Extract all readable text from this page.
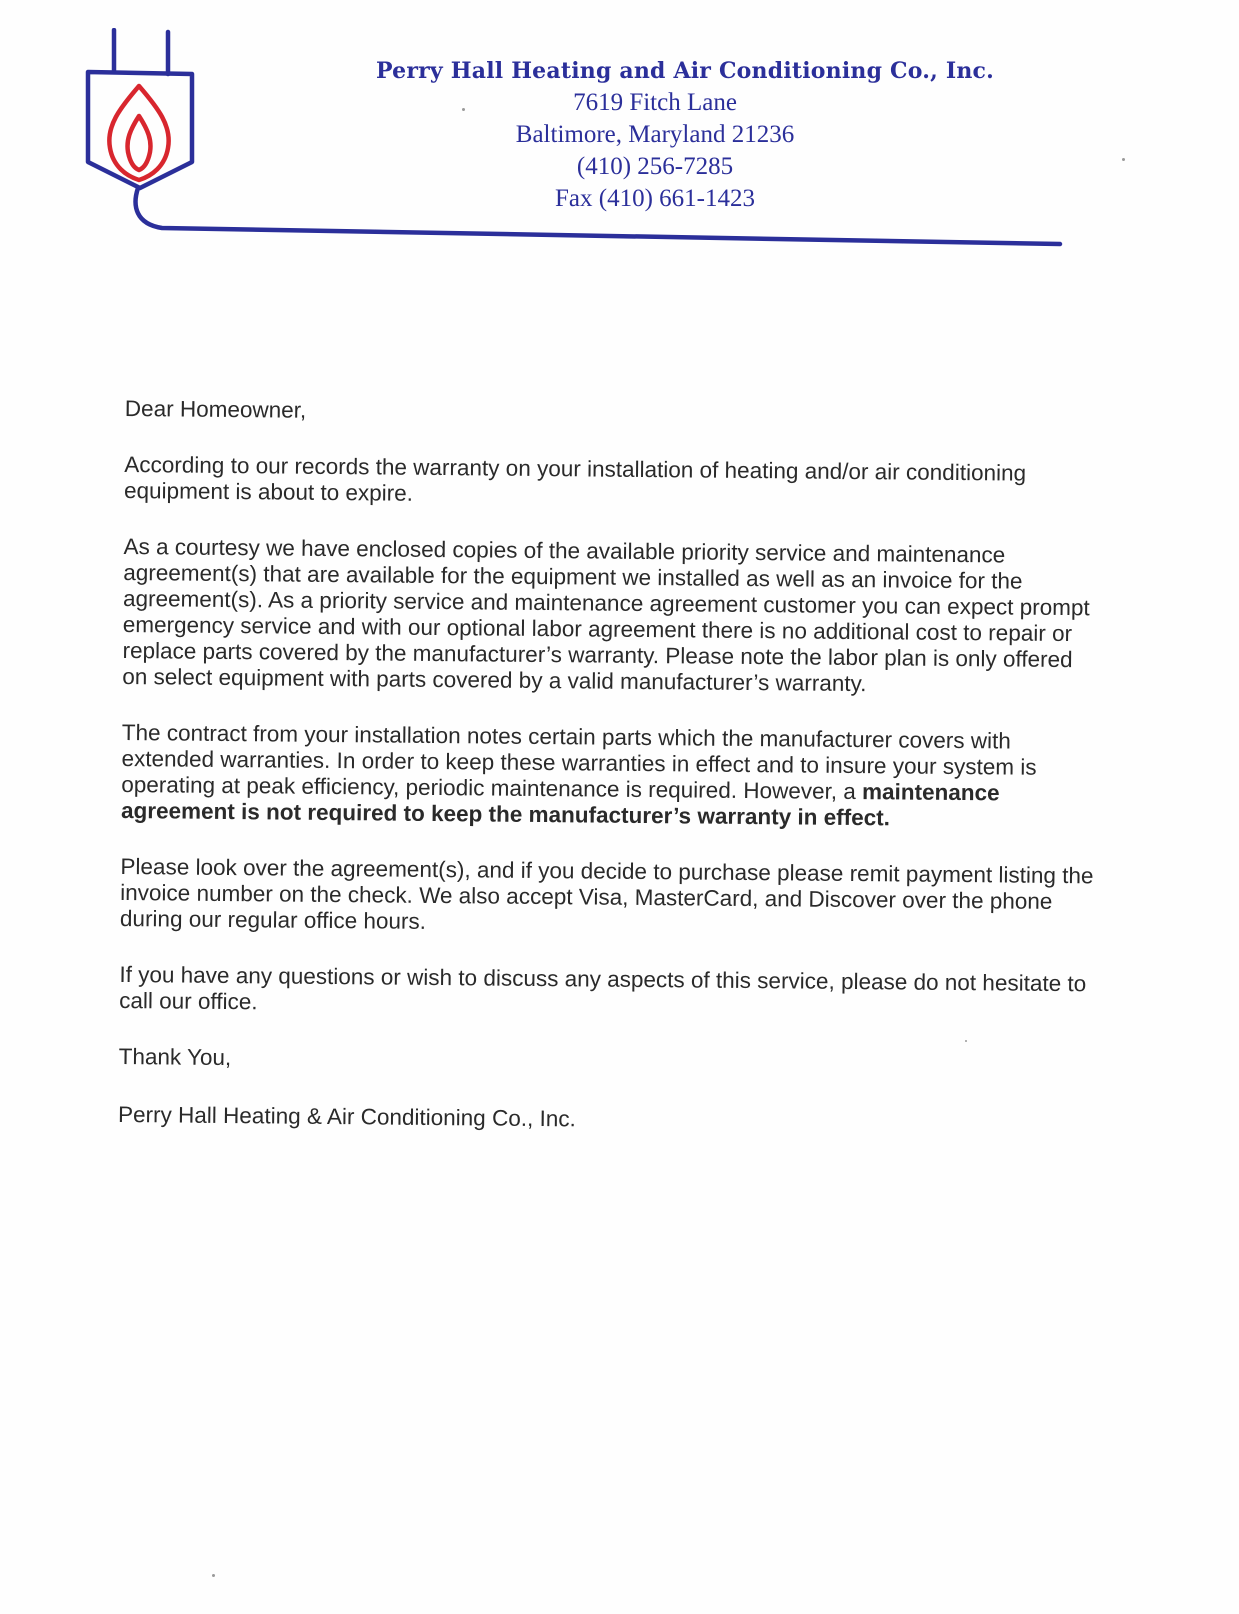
Perry Hall Heating and Air Conditioning Co., Inc.
7619 Fitch Lane
Baltimore, Maryland 21236
(410) 256-7285
Fax (410) 661-1423

Dear Homeowner,

According to our records the warranty on your installation of heating and/or air conditioning equipment is about to expire.

As a courtesy we have enclosed copies of the available priority service and maintenance agreement(s) that are available for the equipment we installed as well as an invoice for the agreement(s). As a priority service and maintenance agreement customer you can expect prompt emergency service and with our optional labor agreement there is no additional cost to repair or replace parts covered by the manufacturer’s warranty. Please note the labor plan is only offered on select equipment with parts covered by a valid manufacturer’s warranty.

The contract from your installation notes certain parts which the manufacturer covers with extended warranties. In order to keep these warranties in effect and to insure your system is operating at peak efficiency, periodic maintenance is required. However, a maintenance agreement is not required to keep the manufacturer’s warranty in effect.

Please look over the agreement(s), and if you decide to purchase please remit payment listing the invoice number on the check. We also accept Visa, MasterCard, and Discover over the phone during our regular office hours.

If you have any questions or wish to discuss any aspects of this service, please do not hesitate to call our office.

Thank You,

Perry Hall Heating & Air Conditioning Co., Inc.
